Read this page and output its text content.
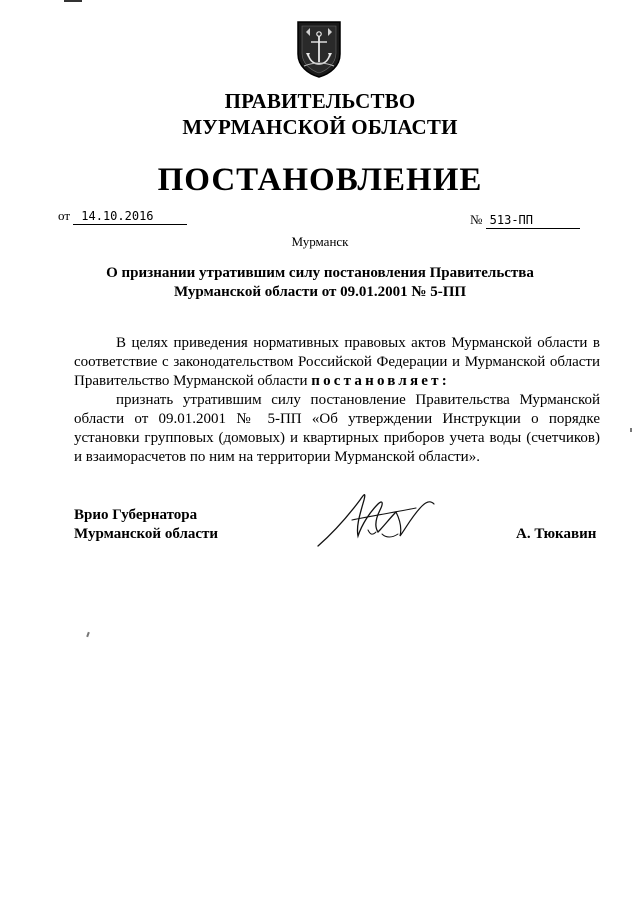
ПРАВИТЕЛЬСТВО
МУРМАНСКОЙ ОБЛАСТИ
ПОСТАНОВЛЕНИЕ
от 14.10.2016	№ 513-ПП
Мурманск
О признании утратившим силу постановления Правительства
Мурманской области от 09.01.2001 № 5-ПП

В целях приведения нормативных правовых актов Мурманской области в соответствие с законодательством Российской Федерации и Мурманской области Правительство Мурманской области постановляет:

признать утратившим силу постановление Правительства Мурманской области от 09.01.2001 № 5-ПП «Об утверждении Инструкции о порядке установки групповых (домовых) и квартирных приборов учета воды (счетчиков) и взаиморасчетов по ним на территории Мурманской области».

Врио Губернатора
Мурманской области	А. Тюкавин
